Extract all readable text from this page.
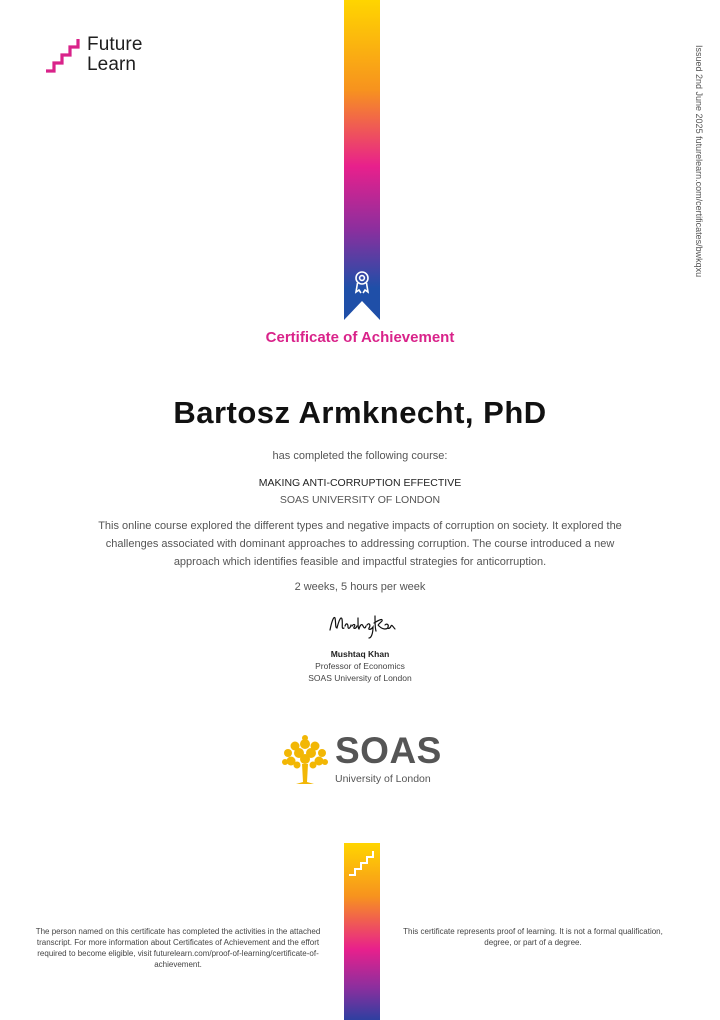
Future
Learn	Issued 2nd June 2025 futurelearn.com/certificates/bwkqxu
Certificate of Achievement
Bartosz Armknecht, PhD
has completed the following course:
MAKING ANTI-CORRUPTION EFFECTIVE
SOAS UNIVERSITY OF LONDON
This online course explored the different types and negative impacts of corruption on society. It explored the challenges associated with dominant approaches to addressing corruption. The course introduced a new approach which identifies feasible and impactful strategies for anticorruption.
2 weeks, 5 hours per week
Mushtaq Khan
Professor of Economics
SOAS University of London
SOAS
University of London
The person named on this certificate has completed the activities in the attached transcript. For more information about Certificates of Achievement and the effort required to become eligible, visit futurelearn.com/proof-of-learning/certificate-of-achievement.
This certificate represents proof of learning. It is not a formal qualification, degree, or part of a degree.
